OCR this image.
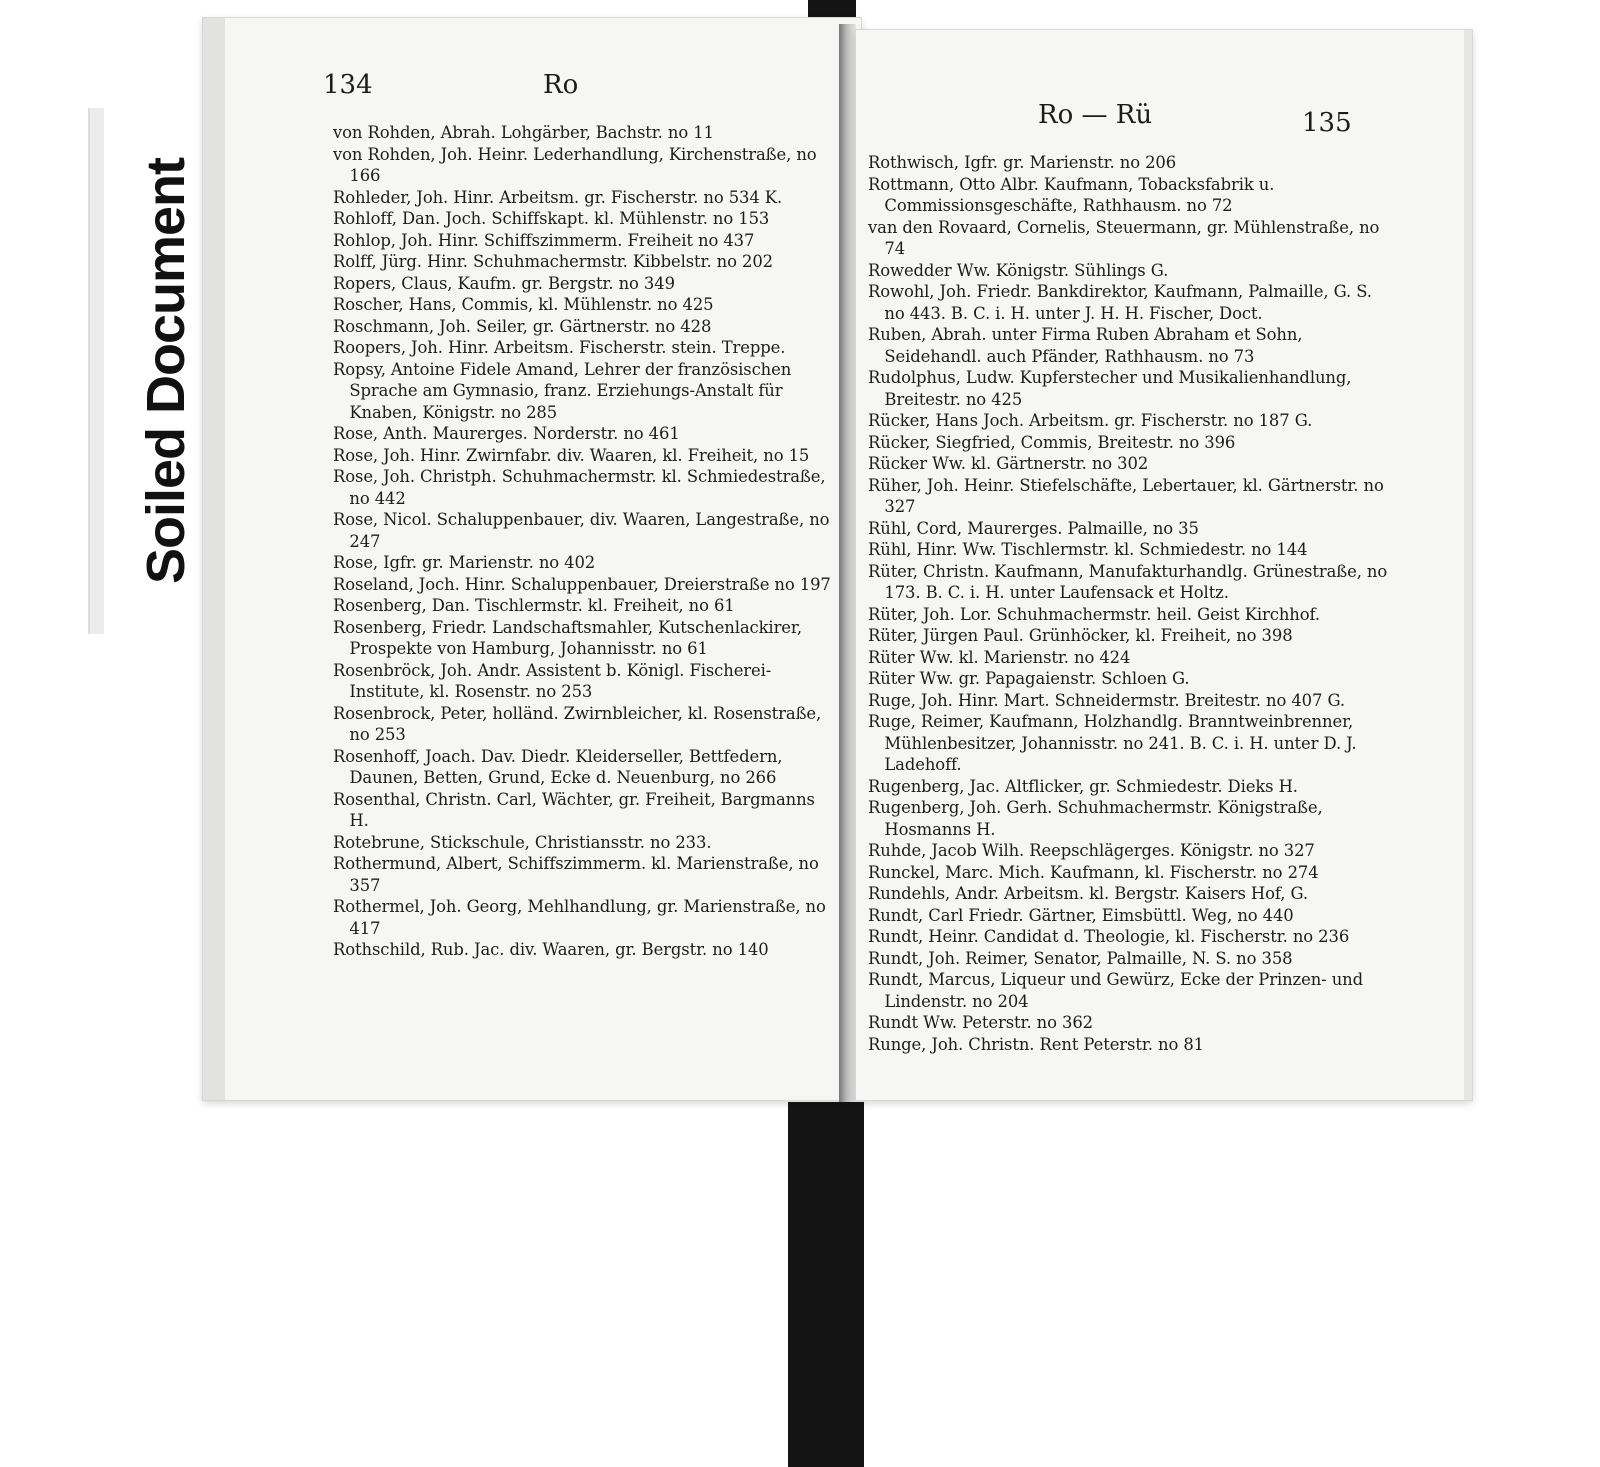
Soiled Document
134	Ro

von Rohden, Abrah. Lohgärber, Bachstr. no 11

von Rohden, Joh. Heinr. Lederhandlung, Kirchenstraße, no 166

Rohleder, Joh. Hinr. Arbeitsm. gr. Fischerstr. no 534 K.

Rohloff, Dan. Joch. Schiffskapt. kl. Mühlenstr. no 153

Rohlop, Joh. Hinr. Schiffszimmerm. Freiheit no 437

Rolff, Jürg. Hinr. Schuhmachermstr. Kibbelstr. no 202

Ropers, Claus, Kaufm. gr. Bergstr. no 349

Roscher, Hans, Commis, kl. Mühlenstr. no 425

Roschmann, Joh. Seiler, gr. Gärtnerstr. no 428

Roopers, Joh. Hinr. Arbeitsm. Fischerstr. stein. Treppe.

Ropsy, Antoine Fidele Amand, Lehrer der französischen Sprache am Gymnasio, franz. Erziehungs-Anstalt für Knaben, Königstr. no 285

Rose, Anth. Maurerges. Norderstr. no 461

Rose, Joh. Hinr. Zwirnfabr. div. Waaren, kl. Freiheit, no 15

Rose, Joh. Christph. Schuhmachermstr. kl. Schmiedestraße, no 442

Rose, Nicol. Schaluppenbauer, div. Waaren, Langestraße, no 247

Rose, Igfr. gr. Marienstr. no 402

Roseland, Joch. Hinr. Schaluppenbauer, Dreierstraße no 197

Rosenberg, Dan. Tischlermstr. kl. Freiheit, no 61

Rosenberg, Friedr. Landschaftsmahler, Kutschenlackirer, Prospekte von Hamburg, Johannisstr. no 61

Rosenbröck, Joh. Andr. Assistent b. Königl. Fischerei-Institute, kl. Rosenstr. no 253

Rosenbrock, Peter, holländ. Zwirnbleicher, kl. Rosenstraße, no 253

Rosenhoff, Joach. Dav. Diedr. Kleiderseller, Bettfedern, Daunen, Betten, Grund, Ecke d. Neuenburg, no 266

Rosenthal, Christn. Carl, Wächter, gr. Freiheit, Bargmanns H.

Rotebrune, Stickschule, Christiansstr. no 233.

Rothermund, Albert, Schiffszimmerm. kl. Marienstraße, no 357

Rothermel, Joh. Georg, Mehlhandlung, gr. Marienstraße, no 417

Rothschild, Rub. Jac. div. Waaren, gr. Bergstr. no 140

Ro — Rü	135

Rothwisch, Igfr. gr. Marienstr. no 206

Rottmann, Otto Albr. Kaufmann, Tobacksfabrik u. Commissionsgeschäfte, Rathhausm. no 72

van den Rovaard, Cornelis, Steuermann, gr. Mühlenstraße, no 74

Rowedder Ww. Königstr. Sühlings G.

Rowohl, Joh. Friedr. Bankdirektor, Kaufmann, Palmaille, G. S. no 443. B. C. i. H. unter J. H. H. Fischer, Doct.

Ruben, Abrah. unter Firma Ruben Abraham et Sohn, Seidehandl. auch Pfänder, Rathhausm. no 73

Rudolphus, Ludw. Kupferstecher und Musikalienhandlung, Breitestr. no 425

Rücker, Hans Joch. Arbeitsm. gr. Fischerstr. no 187 G.

Rücker, Siegfried, Commis, Breitestr. no 396

Rücker Ww. kl. Gärtnerstr. no 302

Rüher, Joh. Heinr. Stiefelschäfte, Lebertauer, kl. Gärtnerstr. no 327

Rühl, Cord, Maurerges. Palmaille, no 35

Rühl, Hinr. Ww. Tischlermstr. kl. Schmiedestr. no 144

Rüter, Christn. Kaufmann, Manufakturhandlg. Grünestraße, no 173. B. C. i. H. unter Laufensack et Holtz.

Rüter, Joh. Lor. Schuhmachermstr. heil. Geist Kirchhof.

Rüter, Jürgen Paul. Grünhöcker, kl. Freiheit, no 398

Rüter Ww. kl. Marienstr. no 424

Rüter Ww. gr. Papagaienstr. Schloen G.

Ruge, Joh. Hinr. Mart. Schneidermstr. Breitestr. no 407 G.

Ruge, Reimer, Kaufmann, Holzhandlg. Branntweinbrenner, Mühlenbesitzer, Johannisstr. no 241. B. C. i. H. unter D. J. Ladehoff.

Rugenberg, Jac. Altflicker, gr. Schmiedestr. Dieks H.

Rugenberg, Joh. Gerh. Schuhmachermstr. Königstraße, Hosmanns H.

Ruhde, Jacob Wilh. Reepschlägerges. Königstr. no 327

Runckel, Marc. Mich. Kaufmann, kl. Fischerstr. no 274

Rundehls, Andr. Arbeitsm. kl. Bergstr. Kaisers Hof, G.

Rundt, Carl Friedr. Gärtner, Eimsbüttl. Weg, no 440

Rundt, Heinr. Candidat d. Theologie, kl. Fischerstr. no 236

Rundt, Joh. Reimer, Senator, Palmaille, N. S. no 358

Rundt, Marcus, Liqueur und Gewürz, Ecke der Prinzen- und Lindenstr. no 204

Rundt Ww. Peterstr. no 362

Runge, Joh. Christn. Rent Peterstr. no 81
